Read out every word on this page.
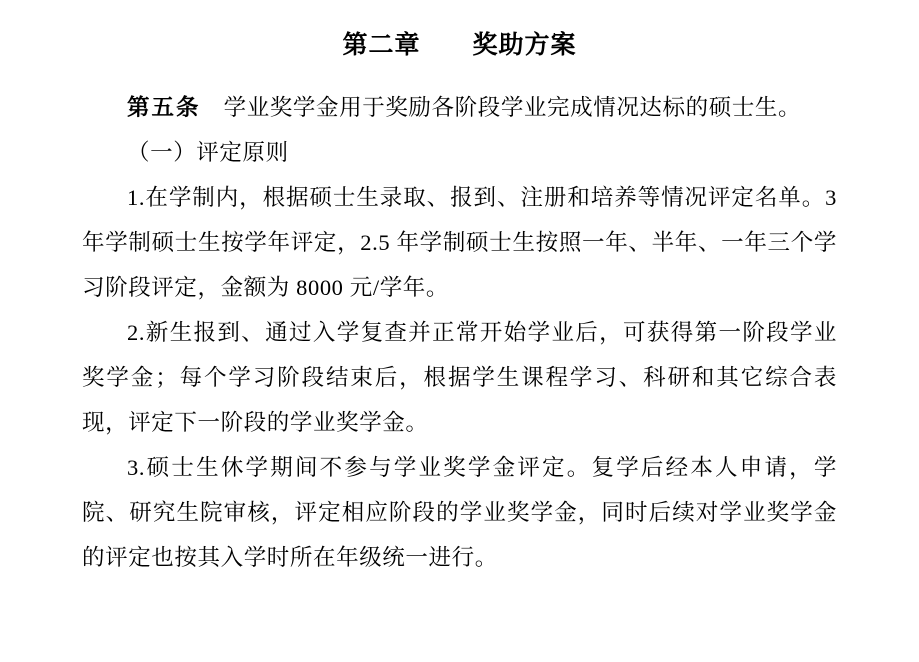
第二章　　奖助方案

第五条　学业奖学金用于奖励各阶段学业完成情况达标的硕士生。

（一）评定原则

1.在学制内，根据硕士生录取、报到、注册和培养等情况评定名单。3 年学制硕士生按学年评定，2.5 年学制硕士生按照一年、半年、一年三个学习阶段评定，金额为 8000 元/学年。

2.新生报到、通过入学复查并正常开始学业后，可获得第一阶段学业奖学金；每个学习阶段结束后，根据学生课程学习、科研和其它综合表现，评定下一阶段的学业奖学金。

3.硕士生休学期间不参与学业奖学金评定。复学后经本人申请，学院、研究生院审核，评定相应阶段的学业奖学金，同时后续对学业奖学金的评定也按其入学时所在年级统一进行。
